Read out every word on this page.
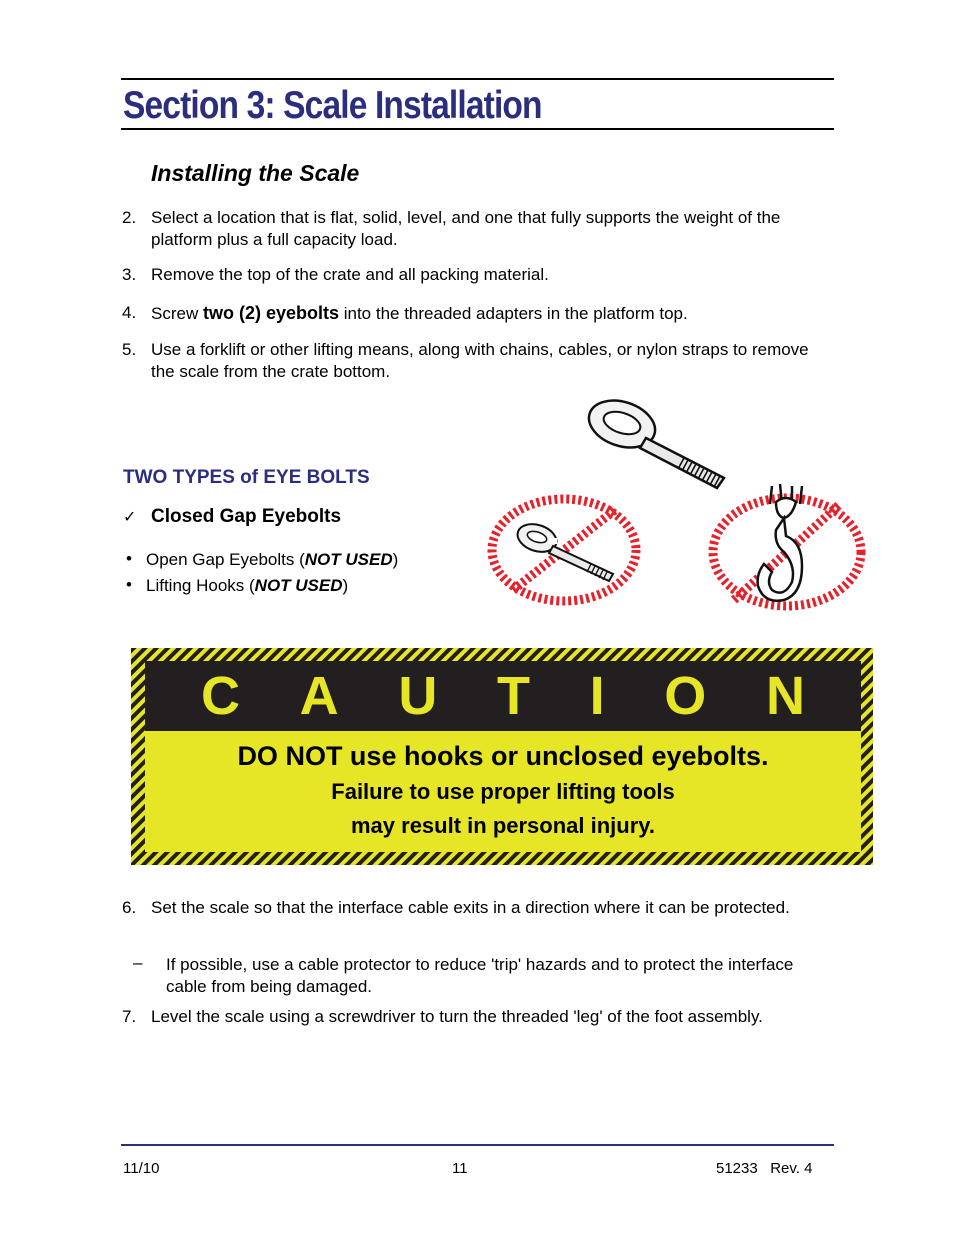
Section 3: Scale Installation
Installing the Scale
2. Select a location that is flat, solid, level, and one that fully supports the weight of the platform plus a full capacity load.
3. Remove the top of the crate and all packing material.
4. Screw two (2) eyebolts into the threaded adapters in the platform top.
5. Use a forklift or other lifting means, along with chains, cables, or nylon straps to remove the scale from the crate bottom.
TWO TYPES of EYE BOLTS
✓ Closed Gap Eyebolts
• Open Gap Eyebolts (NOT USED)
• Lifting Hooks (NOT USED)
C A U T I O N
DO NOT use hooks or unclosed eyebolts.
Failure to use proper lifting tools
may result in personal injury.
6. Set the scale so that the interface cable exits in a direction where it can be protected.
– If possible, use a cable protector to reduce 'trip' hazards and to protect the interface cable from being damaged.
7. Level the scale using a screwdriver to turn the threaded 'leg' of the foot assembly.
11/10	11	51233   Rev. 4
